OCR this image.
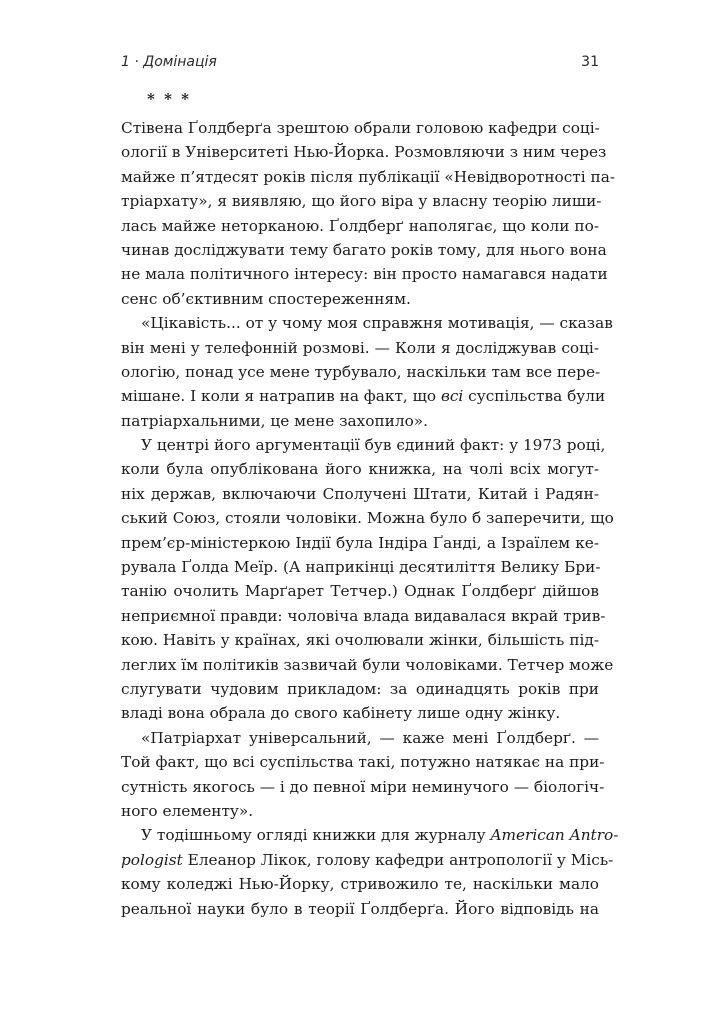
1 · Домінація	31
* * *
Стівена Ґолдберґа зрештою обрали головою кафедри соці-
ології в Університеті Нью-Йорка. Розмовляючи з ним через
майже п’ятдесят років після публікації «Невідворотності па-
тріархату», я виявляю, що його віра у власну теорію лиши-
лась майже неторканою. Ґолдберґ наполягає, що коли по-
чинав досліджувати тему багато років тому, для нього вона
не мала політичного інтересу: він просто намагався надати
сенс об’єктивним спостереженням.
«Цікавість... от у чому моя справжня мотивація, — сказав
він мені у телефонній розмові. — Коли я досліджував соці-
ологію, понад усе мене турбувало, наскільки там все пере-
мішане. І коли я натрапив на факт, що всі суспільства були
патріархальними, це мене захопило».
У центрі його аргументації був єдиний факт: у 1973 році,
коли була опублікована його книжка, на чолі всіх могут-
ніх держав, включаючи Сполучені Штати, Китай і Радян-
ський Союз, стояли чоловіки. Можна було б заперечити, що
прем’єр-міністеркою Індії була Індіра Ґанді, а Ізраїлем ке-
рувала Ґолда Меїр. (А наприкінці десятиліття Велику Бри-
танію очолить Марґарет Тетчер.) Однак Ґолдберґ дійшов
неприємної правди: чоловіча влада видавалася вкрай трив-
кою. Навіть у країнах, які очолювали жінки, більшість під-
леглих їм політиків зазвичай були чоловіками. Тетчер може
слугувати чудовим прикладом: за одинадцять років при
владі вона обрала до свого кабінету лише одну жінку.
«Патріархат універсальний, — каже мені Ґолдберґ. —
Той факт, що всі суспільства такі, потужно натякає на при-
сутність якогось — і до певної міри неминучого — біологіч-
ного елементу».
У тодішньому огляді книжки для журналу American Antro-
pologist Елеанор Лікок, голову кафедри антропології у Місь-
кому коледжі Нью-Йорку, стривожило те, наскільки мало
реальної науки було в теорії Ґолдберґа. Його відповідь на
